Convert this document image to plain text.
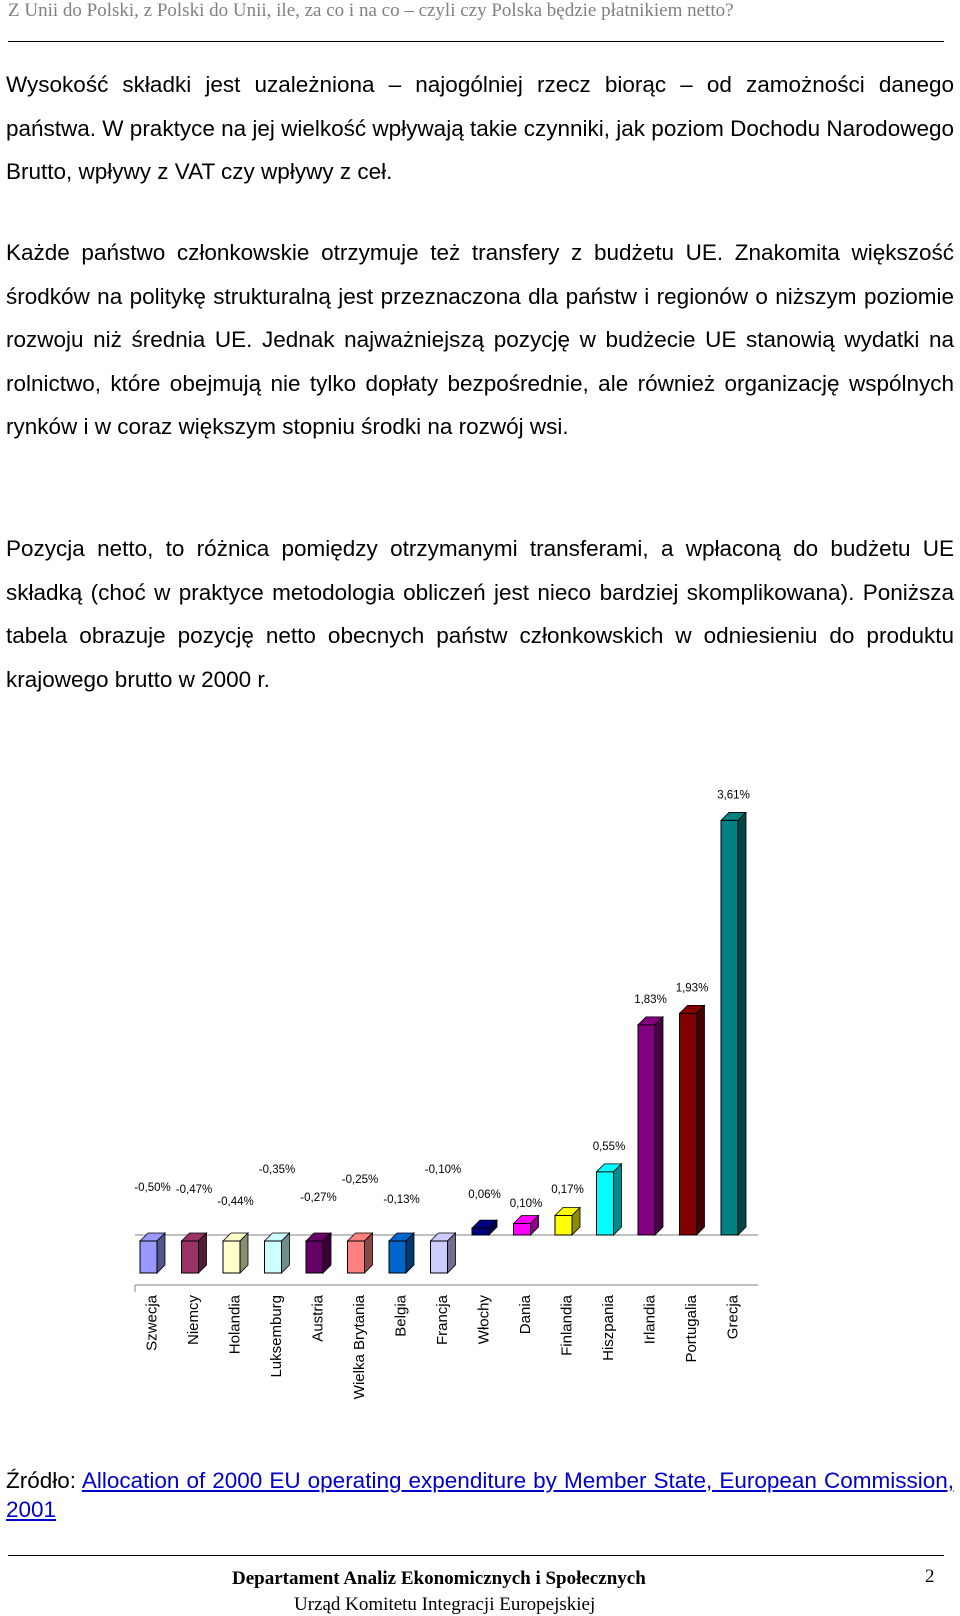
Z Unii do Polski, z Polski do Unii, ile, za co i na co – czyli czy Polska będzie płatnikiem netto?

Wysokość składki jest uzależniona – najogólniej rzecz biorąc – od zamożności danego państwa. W praktyce na jej wielkość wpływają takie czynniki, jak poziom Dochodu Narodowego Brutto, wpływy z VAT czy wpływy z ceł.

Każde państwo członkowskie otrzymuje też transfery z budżetu UE. Znakomita większość środków na politykę strukturalną jest przeznaczona dla państw i regionów o niższym poziomie rozwoju niż średnia UE. Jednak najważniejszą pozycję w budżecie UE stanowią wydatki na rolnictwo, które obejmują nie tylko dopłaty bezpośrednie, ale również organizację wspólnych rynków i w coraz większym stopniu środki na rozwój wsi.

Pozycja netto, to różnica pomiędzy otrzymanymi transferami, a wpłaconą do budżetu UE składką (choć w praktyce metodologia obliczeń jest nieco bardziej skomplikowana). Poniższa tabela obrazuje pozycję netto obecnych państw członkowskich w odniesieniu do produktu krajowego brutto w 2000 r.

-0,50%
Szwecja
-0,47%
Niemcy
-0,44%
Holandia
-0,35%
Luksemburg
-0,27%
Austria
-0,25%
Wielka Brytania
-0,13%
Belgia
-0,10%
Francja
0,06%
Włochy
0,10%
Dania
0,17%
Finlandia
0,55%
Hiszpania
1,83%
Irlandia
1,93%
Portugalia
3,61%
Grecja
Źródło: Allocation of 2000 EU operating expenditure by Member State, European Commission, 2001
Departament Analiz Ekonomicznych i Społecznych
Urząd Komitetu Integracji Europejskiej
2
